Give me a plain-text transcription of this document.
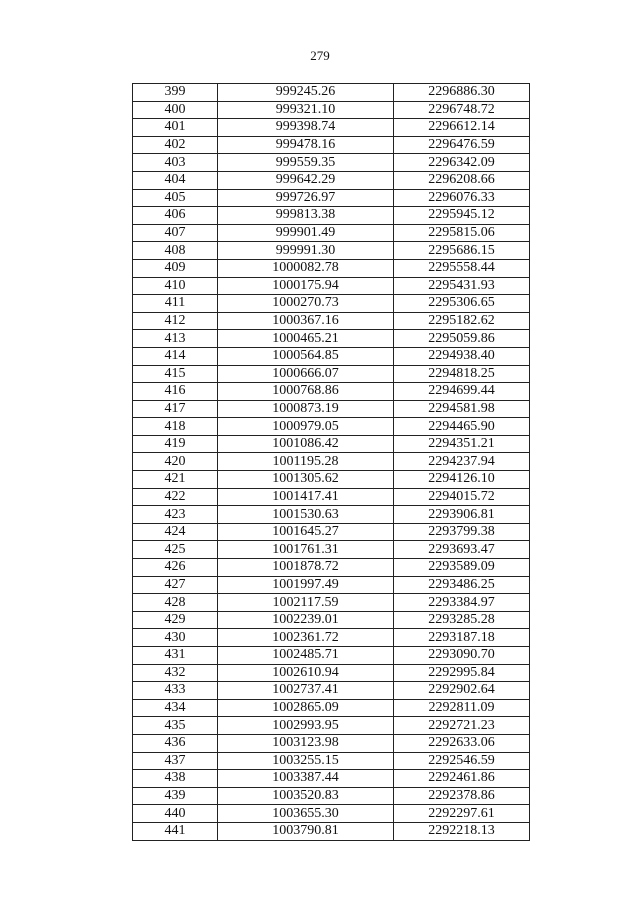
279
399	999245.26	2296886.30
400	999321.10	2296748.72
401	999398.74	2296612.14
402	999478.16	2296476.59
403	999559.35	2296342.09
404	999642.29	2296208.66
405	999726.97	2296076.33
406	999813.38	2295945.12
407	999901.49	2295815.06
408	999991.30	2295686.15
409	1000082.78	2295558.44
410	1000175.94	2295431.93
411	1000270.73	2295306.65
412	1000367.16	2295182.62
413	1000465.21	2295059.86
414	1000564.85	2294938.40
415	1000666.07	2294818.25
416	1000768.86	2294699.44
417	1000873.19	2294581.98
418	1000979.05	2294465.90
419	1001086.42	2294351.21
420	1001195.28	2294237.94
421	1001305.62	2294126.10
422	1001417.41	2294015.72
423	1001530.63	2293906.81
424	1001645.27	2293799.38
425	1001761.31	2293693.47
426	1001878.72	2293589.09
427	1001997.49	2293486.25
428	1002117.59	2293384.97
429	1002239.01	2293285.28
430	1002361.72	2293187.18
431	1002485.71	2293090.70
432	1002610.94	2292995.84
433	1002737.41	2292902.64
434	1002865.09	2292811.09
435	1002993.95	2292721.23
436	1003123.98	2292633.06
437	1003255.15	2292546.59
438	1003387.44	2292461.86
439	1003520.83	2292378.86
440	1003655.30	2292297.61
441	1003790.81	2292218.13
